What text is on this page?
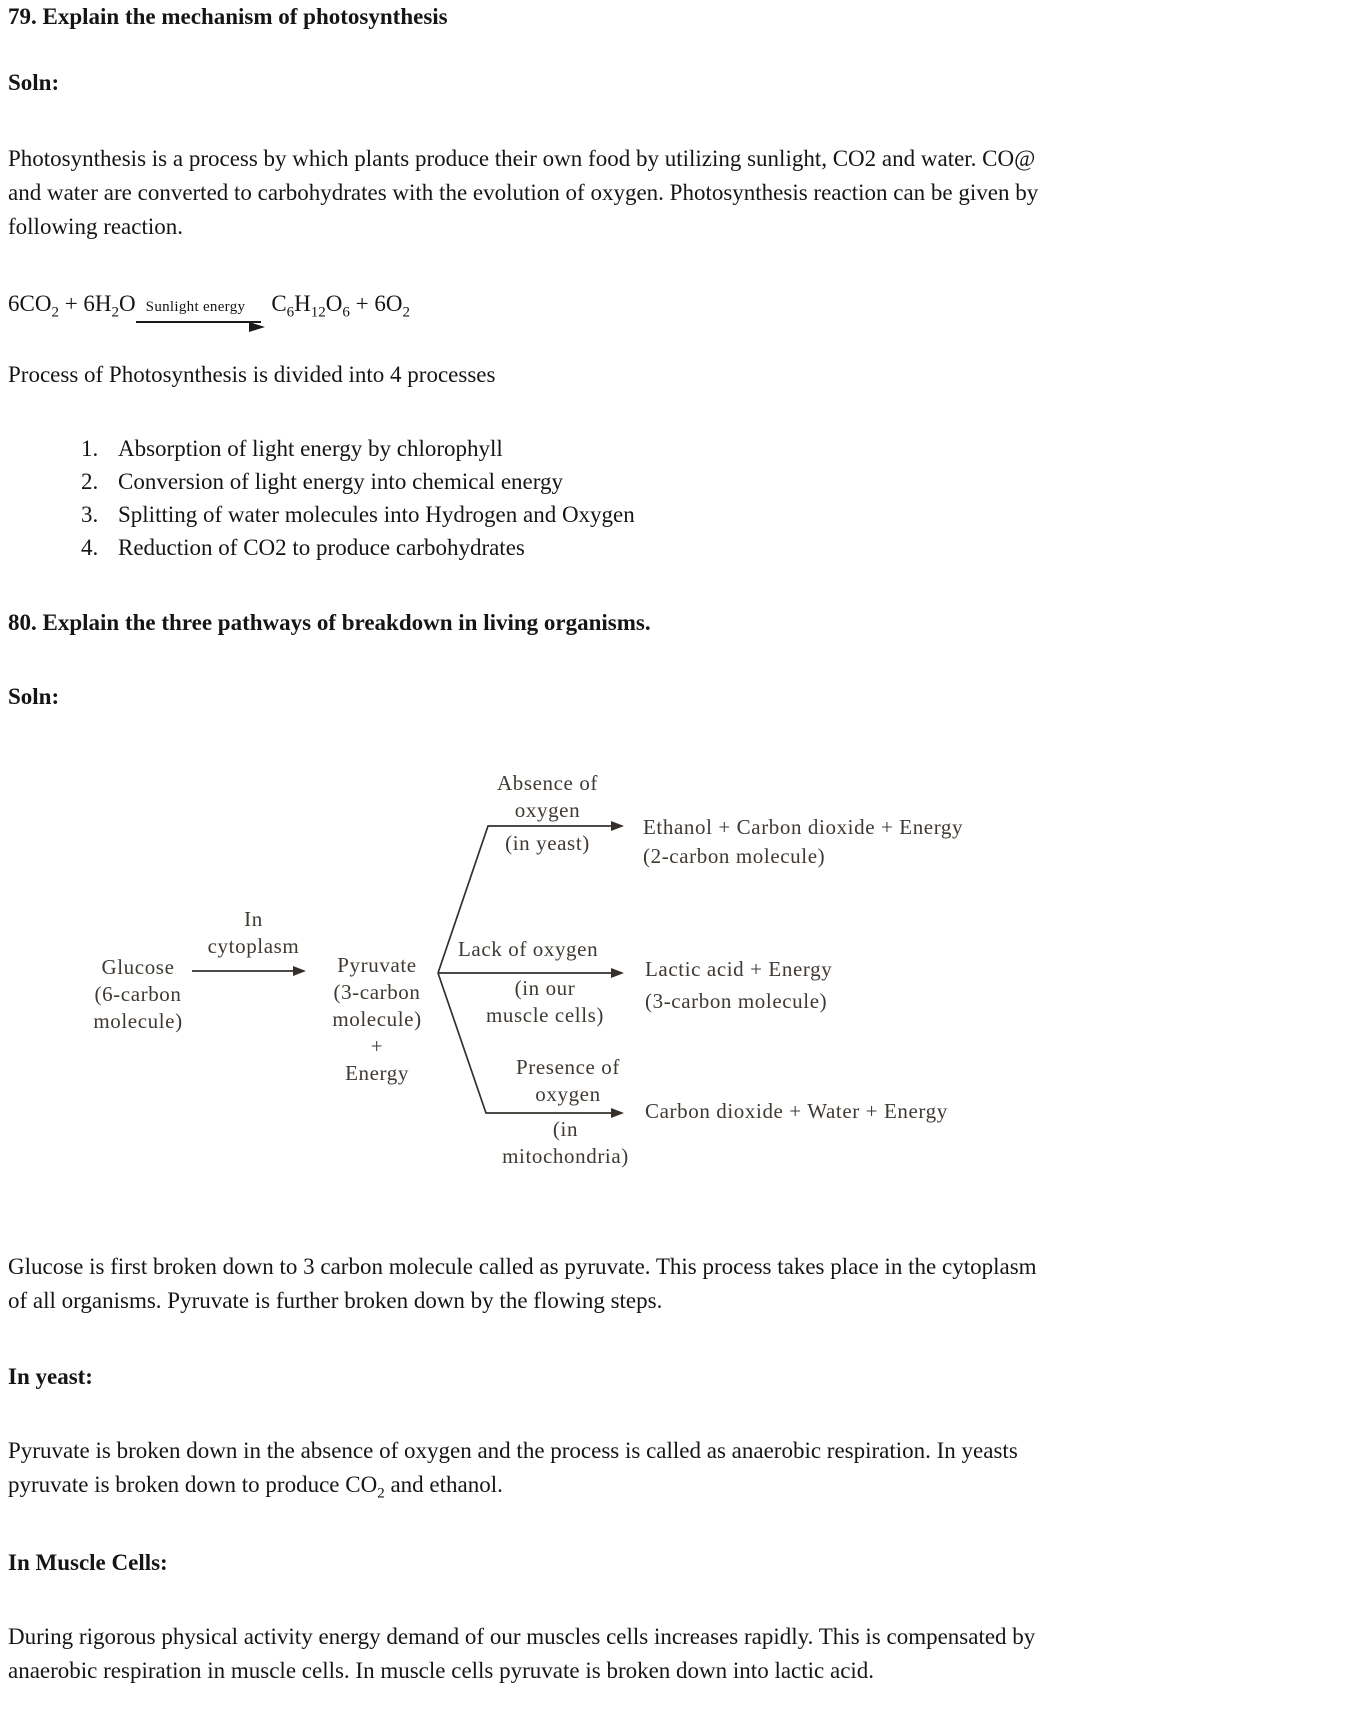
79. Explain the mechanism of photosynthesis
Soln:

Photosynthesis is a process by which plants produce their own food by utilizing sunlight, CO2 and water. CO@
and water are converted to carbohydrates with the evolution of oxygen. Photosynthesis reaction can be given by
following reaction.

$6CO_2 + 6H_2O$ Sunlight energy $C_6H_{12}O_6 + 6O_2$

Process of Photosynthesis is divided into 4 processes

1. Absorption of light energy by chlorophyll
2. Conversion of light energy into chemical energy
3. Splitting of water molecules into Hydrogen and Oxygen
4. Reduction of CO2 to produce carbohydrates
80. Explain the three pathways of breakdown in living organisms.
Soln:
Absence of
oxygen
(in yeast)
Ethanol + Carbon dioxide + Energy
(2-carbon molecule)
In
cytoplasm
Glucose
(6-carbon
molecule)
Pyruvate
(3-carbon
molecule)
+
Energy
Lack of oxygen
(in our
muscle cells)
Lactic acid + Energy
(3-carbon molecule)
Presence of
oxygen
(in
mitochondria)
Carbon dioxide + Water + Energy

Glucose is first broken down to 3 carbon molecule called as pyruvate. This process takes place in the cytoplasm
of all organisms. Pyruvate is further broken down by the flowing steps.

In yeast:

Pyruvate is broken down in the absence of oxygen and the process is called as anaerobic respiration. In yeasts
pyruvate is broken down to produce $CO_2$ and ethanol.

In Muscle Cells:

During rigorous physical activity energy demand of our muscles cells increases rapidly. This is compensated by
anaerobic respiration in muscle cells. In muscle cells pyruvate is broken down into lactic acid.
